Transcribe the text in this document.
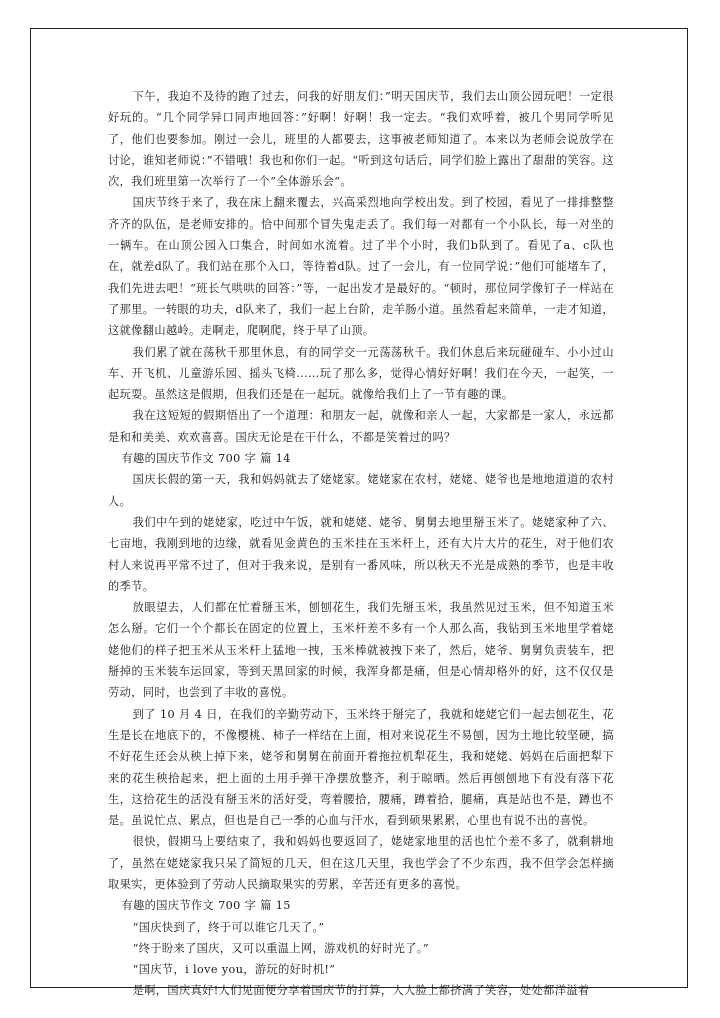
下午，我迫不及待的跑了过去，问我的好朋友们：”明天国庆节，我们去山顶公园玩吧！一定很好玩的。“几个同学异口同声地回答：”好啊！好啊！我一定去。“我们欢呼着，被几个男同学听见了，他们也要参加。刚过一会儿，班里的人都要去，这事被老师知道了。本来以为老师会说放学在讨论，谁知老师说：”不错哦！我也和你们一起。“听到这句话后，同学们脸上露出了甜甜的笑容。这次，我们班里第一次举行了一个”全体游乐会“。

国庆节终于来了，我在床上翻来覆去，兴高采烈地向学校出发。到了校园，看见了一排排整整齐齐的队伍，是老师安排的。恰中间那个冒失鬼走丢了。我们每一对都有一个小队长，每一对坐的一辆车。在山顶公园入口集合，时间如水流着。过了半个小时，我们b队到了。看见了a、c队也在，就差d队了。我们站在那个入口，等待着d队。过了一会儿，有一位同学说：”他们可能堵车了，我们先进去吧！“班长气哄哄的回答：”等，一起出发才是最好的。“顿时，那位同学像钉子一样站在了那里。一转眼的功夫，d队来了，我们一起上台阶，走羊肠小道。虽然看起来简单，一走才知道，这就像翻山越岭。走啊走，爬啊爬，终于早了山顶。

我们累了就在荡秋千那里休息，有的同学交一元荡荡秋千。我们休息后来玩碰碰车、小小过山车、开飞机、儿童游乐园、摇头飞椅……玩了那么多，觉得心情好好啊！我们在今天，一起笑，一起玩耍。虽然这是假期，但我们还是在一起玩。就像给我们上了一节有趣的课。

我在这短短的假期悟出了一个道理：和朋友一起，就像和亲人一起，大家都是一家人，永远都是和和美美、欢欢喜喜。国庆无论是在干什么，不都是笑着过的吗？

有趣的国庆节作文 700 字 篇 14

国庆长假的第一天，我和妈妈就去了姥姥家。姥姥家在农村，姥姥、姥爷也是地地道道的农村人。

我们中午到的姥姥家，吃过中午饭，就和姥姥、姥爷、舅舅去地里掰玉米了。姥姥家种了六、七亩地，我刚到地的边缘，就看见金黄色的玉米挂在玉米杆上，还有大片大片的花生，对于他们农村人来说再平常不过了，但对于我来说，是别有一番风味，所以秋天不光是成熟的季节，也是丰收的季节。

放眼望去，人们都在忙着掰玉米，刨刨花生，我们先掰玉米，我虽然见过玉米，但不知道玉米怎么掰。它们一个个都长在固定的位置上，玉米杆差不多有一个人那么高，我钻到玉米地里学着姥姥他们的样子把玉米从玉米杆上猛地一拽，玉米棒就被拽下来了，然后，姥爷、舅舅负责装车，把掰掉的玉米装车运回家，等到天黑回家的时候，我浑身都是痛，但是心情却格外的好，这不仅仅是劳动，同时，也尝到了丰收的喜悦。

到了 10 月 4 日，在我们的辛勤劳动下，玉米终于掰完了，我就和姥姥它们一起去刨花生，花生是长在地底下的，不像樱桃、柿子一样结在上面，相对来说花生不易刨，因为土地比较坚硬，搞不好花生还会从秧上掉下来，姥爷和舅舅在前面开着拖拉机犁花生，我和姥姥、妈妈在后面把犁下来的花生秧拾起来，把上面的土用手弹干净摆放整齐，利于晾晒。然后再刨刨地下有没有落下花生，这拾花生的活没有掰玉米的活好受，弯着腰拾，腰痛，蹲着拾，腿痛，真是站也不是，蹲也不是。虽说忙点、累点，但也是自己一季的心血与汗水，看到硕果累累，心里也有说不出的喜悦。

很快，假期马上要结束了，我和妈妈也要返回了，姥姥家地里的活也忙个差不多了，就剩耕地了，虽然在姥姥家我只呆了简短的几天，但在这几天里，我也学会了不少东西，我不但学会怎样摘取果实，更体验到了劳动人民摘取果实的劳累，辛苦还有更多的喜悦。

有趣的国庆节作文 700 字 篇 15

“国庆快到了，终于可以谁它几天了。”

“终于盼来了国庆，又可以重温上网，游戏机的好时光了。”

“国庆节，i love you，游玩的好时机!”

是啊，国庆真好!人们见面便分享着国庆节的打算，人人脸上都挤满了笑容，处处都洋溢着
